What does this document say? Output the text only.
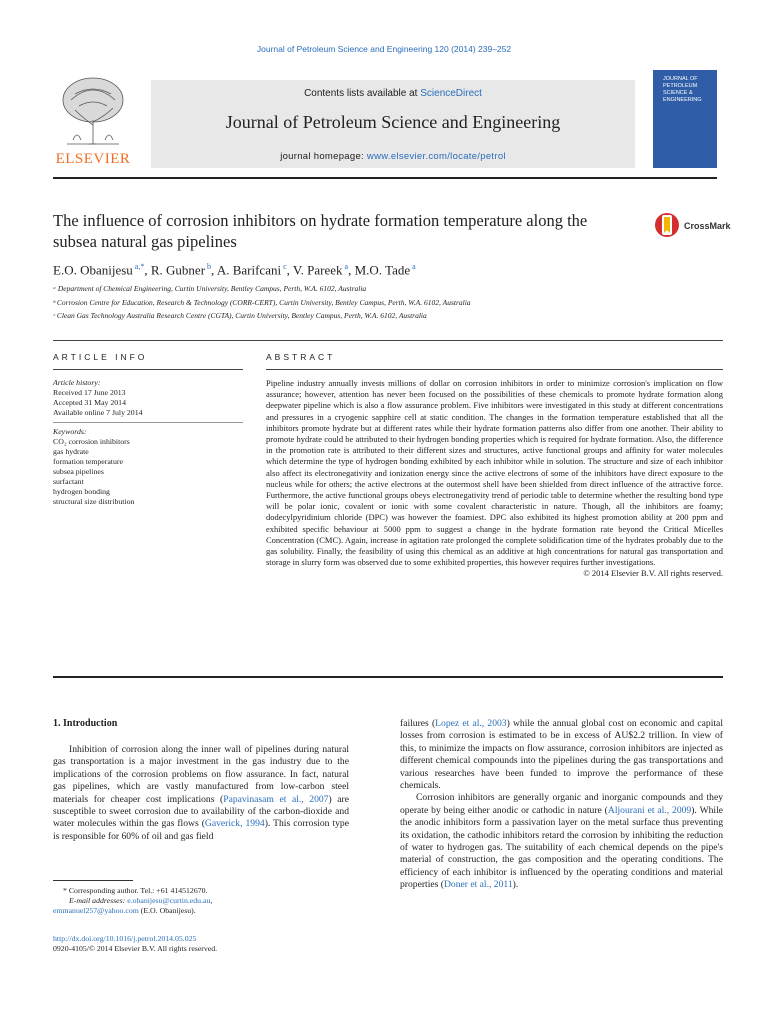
Journal of Petroleum Science and Engineering 120 (2014) 239–252
ELSEVIER
Contents lists available at ScienceDirect
Journal of Petroleum Science and Engineering
journal homepage: www.elsevier.com/locate/petrol
JOURNAL OF
PETROLEUM
SCIENCE &
ENGINEERING
The influence of corrosion inhibitors on hydrate formation temperature along the subsea natural gas pipelines
CrossMark
E.O. Obanijesu $^{a,*}$, R. Gubner $^b$, A. Barifcani $^c$, V. Pareek $^a$, M.O. Tade $^a$
ᵃ Department of Chemical Engineering, Curtin University, Bentley Campus, Perth, W.A. 6102, Australia
ᵇ Corrosion Centre for Education, Research & Technology (CORR-CERT), Curtin University, Bentley Campus, Perth, W.A. 6102, Australia
ᶜ Clean Gas Technology Australia Research Centre (CGTA), Curtin University, Bentley Campus, Perth, W.A. 6102, Australia
ARTICLE INFO
Article history:
Received 17 June 2013
Accepted 31 May 2014
Available online 7 July 2014
Keywords:
CO₂ corrosion inhibitors
gas hydrate
formation temperature
subsea pipelines
surfactant
hydrogen bonding
structural size distribution
ABSTRACT
Pipeline industry annually invests millions of dollar on corrosion inhibitors in order to minimize corrosion's implication on flow assurance; however, attention has never been focused on the possibilities of these chemicals to promote hydrate formation along deepwater pipeline which is also a flow assurance problem. Five inhibitors were investigated in this study at different concentrations and pressures in a cryogenic sapphire cell at static condition. The changes in the formation temperature established that all the inhibitors promote hydrate but at different rates while their hydrate formation patterns also differ from one another. Their ability to promote hydrate could be attributed to their hydrogen bonding properties which is required for hydrate formation. Also, the difference in the promotion rate is attributed to their different sizes and structures, active functional groups and affinity for water molecules which determine the type of hydrogen bonding exhibited by each inhibitor while in solution. The structure and size of each inhibitor also affect its electronegativity and ionization energy since the active electrons of some of the inhibitors have direct exposure to the nucleus while for others; the active electrons at the outermost shell have been shielded from direct influence of the attractive force. Furthermore, the active functional groups obeys electronegativity trend of periodic table to determine whether the resulting bond type will be polar ionic, covalent or ionic with some covalent characteristic in nature. Though, all the inhibitors are foamy; dodecylpyridinium chloride (DPC) was however the foamiest. DPC also exhibited its highest promotion ability at 200 ppm and exhibited specific behaviour at 5000 ppm to suggest a change in the hydrate formation rate beyond the Critical Micelles Concentration (CMC). Again, increase in agitation rate prolonged the complete solidification time of the hydrates probably due to the gas solubility. Finally, the feasibility of using this chemical as an additive at high concentrations for natural gas transportation and storage in slurry form was observed due to some exhibited properties, this however requires further investigations.
© 2014 Elsevier B.V. All rights reserved.
1. Introduction

Inhibition of corrosion along the inner wall of pipelines during natural gas transportation is a major investment in the gas industry due to the implications of the corrosion problems on flow assurance. In fact, natural gas pipelines, which are vastly manufactured from low-carbon steel materials for cheaper cost implications (Papavinasam et al., 2007) are susceptible to sweet corrosion due to availability of the carbon-dioxide and water molecules within the gas flows (Gaverick, 1994). This corrosion type is responsible for 60% of oil and gas field

failures (Lopez et al., 2003) while the annual global cost on economic and capital losses from corrosion is estimated to be in excess of AU$2.2 trillion. In view of this, to minimize the impacts on flow assurance, corrosion inhibitors are injected as different chemical compounds into the pipelines during the gas transportations and various researches have been funded to improve the performance of these chemicals.

Corrosion inhibitors are generally organic and inorganic compounds and they operate by being either anodic or cathodic in nature (Aljourani et al., 2009). While the anodic inhibitors form a passivation layer on the metal surface thus preventing its oxidation, the cathodic inhibitors retard the corrosion by inhibiting the reduction of water to hydrogen gas. The suitability of each chemical depends on the pipe's material of construction, the gas composition and the operating conditions. The efficiency of each inhibitor is influenced by the operating conditions and material properties (Doner et al., 2011).

* Corresponding author. Tel.: +61 414512670.
E-mail addresses: e.obanijesu@curtin.edu.au,
emmanuel257@yahoo.com (E.O. Obanijesu).
http://dx.doi.org/10.1016/j.petrol.2014.05.025
0920-4105/© 2014 Elsevier B.V. All rights reserved.
